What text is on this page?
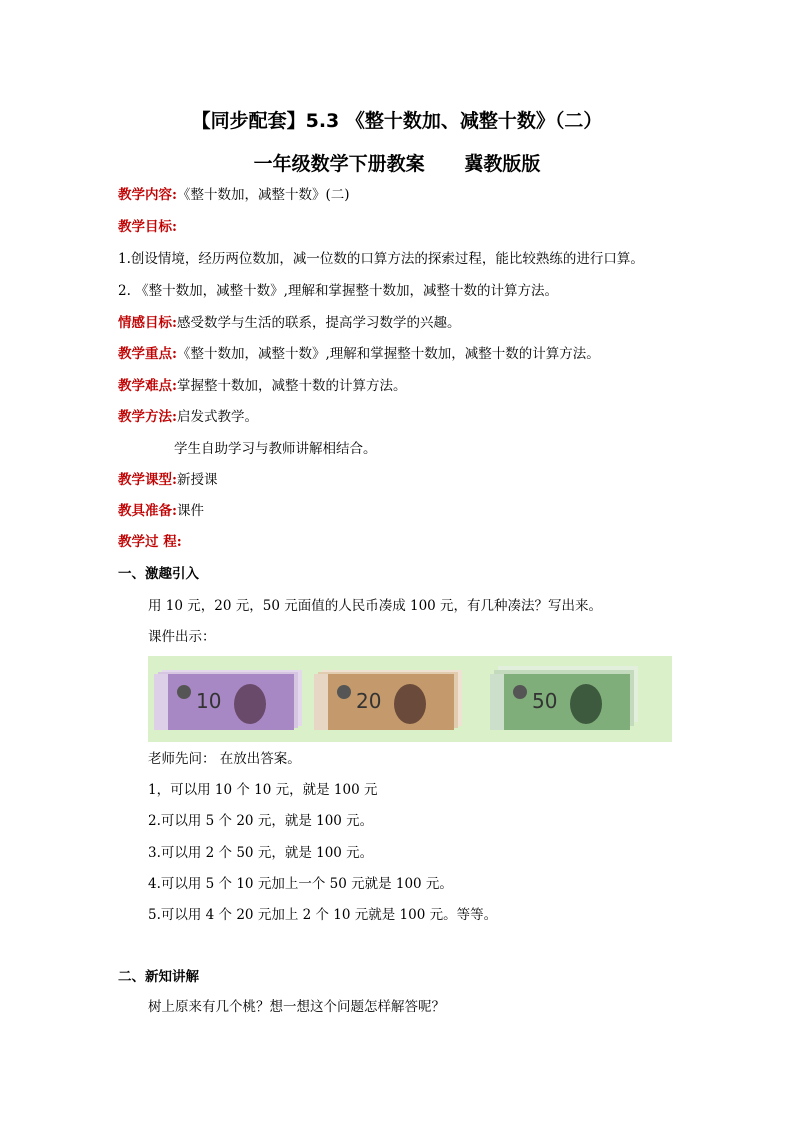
【同步配套】5.3 《整十数加、减整十数》（二）
一年级数学下册教案      冀教版版
教学内容:《整十数加，减整十数》(二)
教学目标:
1.创设情境，经历两位数加，减一位数的口算方法的探索过程，能比较熟练的进行口算。
2. 《整十数加，减整十数》,理解和掌握整十数加，减整十数的计算方法。
情感目标:感受数学与生活的联系，提高学习数学的兴趣。
教学重点:《整十数加，减整十数》,理解和掌握整十数加，减整十数的计算方法。
教学难点:掌握整十数加，减整十数的计算方法。
教学方法:启发式教学。
学生自助学习与教师讲解相结合。
教学课型:新授课
教具准备:课件
教学过 程:
一、激趣引入
用 10 元，20 元，50 元面值的人民币凑成 100 元，有几种凑法？写出来。
课件出示：
10	20	50
老师先问： 在放出答案。
1，可以用 10 个 10 元，就是 100 元
2.可以用 5 个 20 元，就是 100 元。
3.可以用 2 个 50 元，就是 100 元。
4.可以用 5 个 10 元加上一个 50 元就是 100 元。
5.可以用 4 个 20 元加上 2 个 10 元就是 100 元。等等。
二、新知讲解
树上原来有几个桃？想一想这个问题怎样解答呢？
